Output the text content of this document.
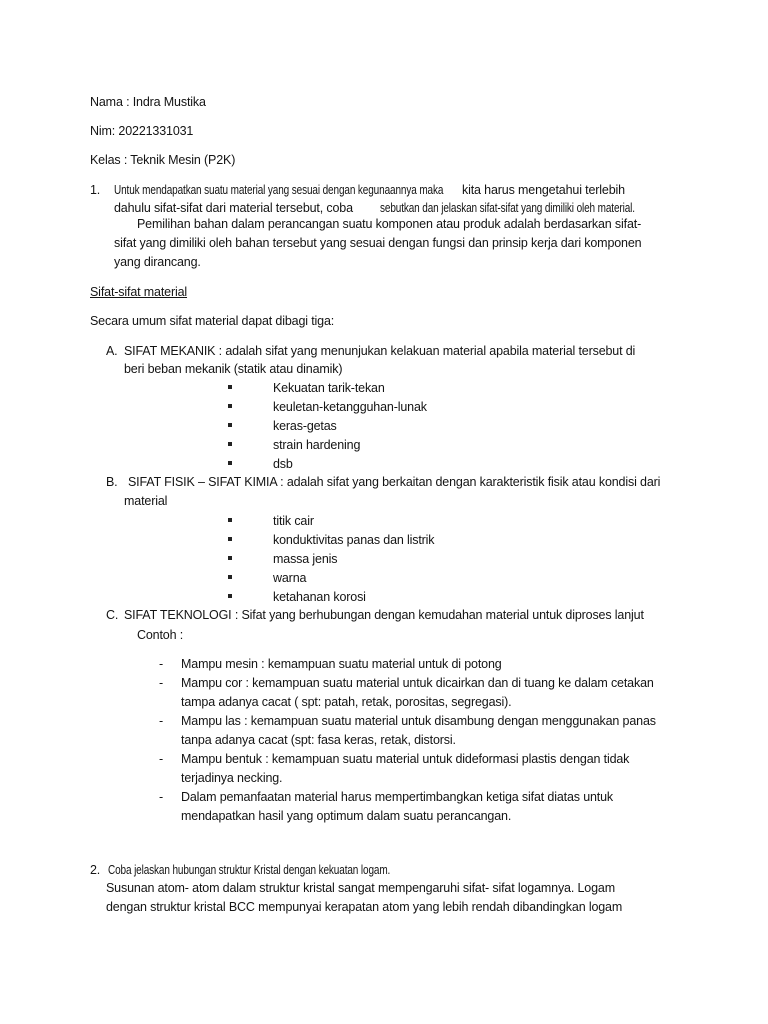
Nama : Indra Mustika
Nim: 20221331031
Kelas : Teknik Mesin (P2K)
1. Untuk mendapatkan suatu material yang sesuai dengan kegunaannya maka kita harus mengetahui terlebih
dahulu sifat-sifat dari material tersebut, coba sebutkan dan jelaskan sifat-sifat yang dimiliki oleh material.
Pemilihan bahan dalam perancangan suatu komponen atau produk adalah berdasarkan sifat-
sifat yang dimiliki oleh bahan tersebut yang sesuai dengan fungsi dan prinsip kerja dari komponen
yang dirancang.
Sifat-sifat material
Secara umum sifat material dapat dibagi tiga:
A. SIFAT MEKANIK : adalah sifat yang menunjukan kelakuan material apabila material tersebut di
beri beban mekanik (statik atau dinamik)
Kekuatan tarik-tekan
keuletan-ketangguhan-lunak
keras-getas
strain hardening
dsb
B. SIFAT FISIK – SIFAT KIMIA : adalah sifat yang berkaitan dengan karakteristik fisik atau kondisi dari
material
titik cair
konduktivitas panas dan listrik
massa jenis
warna
ketahanan korosi
C. SIFAT TEKNOLOGI : Sifat yang berhubungan dengan kemudahan material untuk diproses lanjut
Contoh :
- Mampu mesin : kemampuan suatu material untuk di potong
- Mampu cor : kemampuan suatu material untuk dicairkan dan di tuang ke dalam cetakan
tampa adanya cacat ( spt: patah, retak, porositas, segregasi).
- Mampu las : kemampuan suatu material untuk disambung dengan menggunakan panas
tanpa adanya cacat (spt: fasa keras, retak, distorsi.
- Mampu bentuk : kemampuan suatu material untuk dideformasi plastis dengan tidak
terjadinya necking.
- Dalam pemanfaatan material harus mempertimbangkan ketiga sifat diatas untuk
mendapatkan hasil yang optimum dalam suatu perancangan.
2. Coba jelaskan hubungan struktur Kristal dengan kekuatan logam.
Susunan atom- atom dalam struktur kristal sangat mempengaruhi sifat- sifat logamnya. Logam
dengan struktur kristal BCC mempunyai kerapatan atom yang lebih rendah dibandingkan logam
